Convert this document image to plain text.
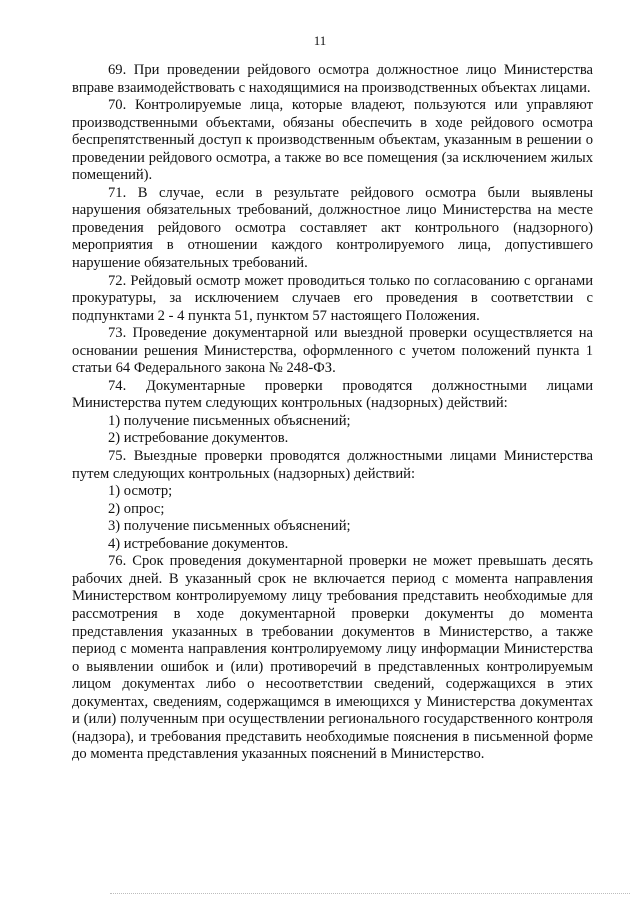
11

69. При проведении рейдового осмотра должностное лицо Министерства вправе взаимодействовать с находящимися на производственных объектах лицами.

70. Контролируемые лица, которые владеют, пользуются или управляют производственными объектами, обязаны обеспечить в ходе рейдового осмотра беспрепятственный доступ к производственным объектам, указанным в решении о проведении рейдового осмотра, а также во все помещения (за исключением жилых помещений).

71. В случае, если в результате рейдового осмотра были выявлены нарушения обязательных требований, должностное лицо Министерства на месте проведения рейдового осмотра составляет акт контрольного (надзорного) мероприятия в отношении каждого контролируемого лица, допустившего нарушение обязательных требований.

72. Рейдовый осмотр может проводиться только по согласованию с органами прокуратуры, за исключением случаев его проведения в соответствии с подпунктами 2 - 4 пункта 51, пунктом 57 настоящего Положения.

73. Проведение документарной или выездной проверки осуществляется на основании решения Министерства, оформленного с учетом положений пункта 1 статьи 64 Федерального закона № 248-ФЗ.

74. Документарные проверки проводятся должностными лицами Министерства путем следующих контрольных (надзорных) действий:

1) получение письменных объяснений;

2) истребование документов.

75. Выездные проверки проводятся должностными лицами Министерства путем следующих контрольных (надзорных) действий:

1) осмотр;

2) опрос;

3) получение письменных объяснений;

4) истребование документов.

76. Срок проведения документарной проверки не может превышать десять рабочих дней. В указанный срок не включается период с момента направления Министерством контролируемому лицу требования представить необходимые для рассмотрения в ходе документарной проверки документы до момента представления указанных в требовании документов в Министерство, а также период с момента направления контролируемому лицу информации Министерства о выявлении ошибок и (или) противоречий в представленных контролируемым лицом документах либо о несоответствии сведений, содержащихся в этих документах, сведениям, содержащимся в имеющихся у Министерства документах и (или) полученным при осуществлении регионального государственного контроля (надзора), и требования представить необходимые пояснения в письменной форме до момента представления указанных пояснений в Министерство.
